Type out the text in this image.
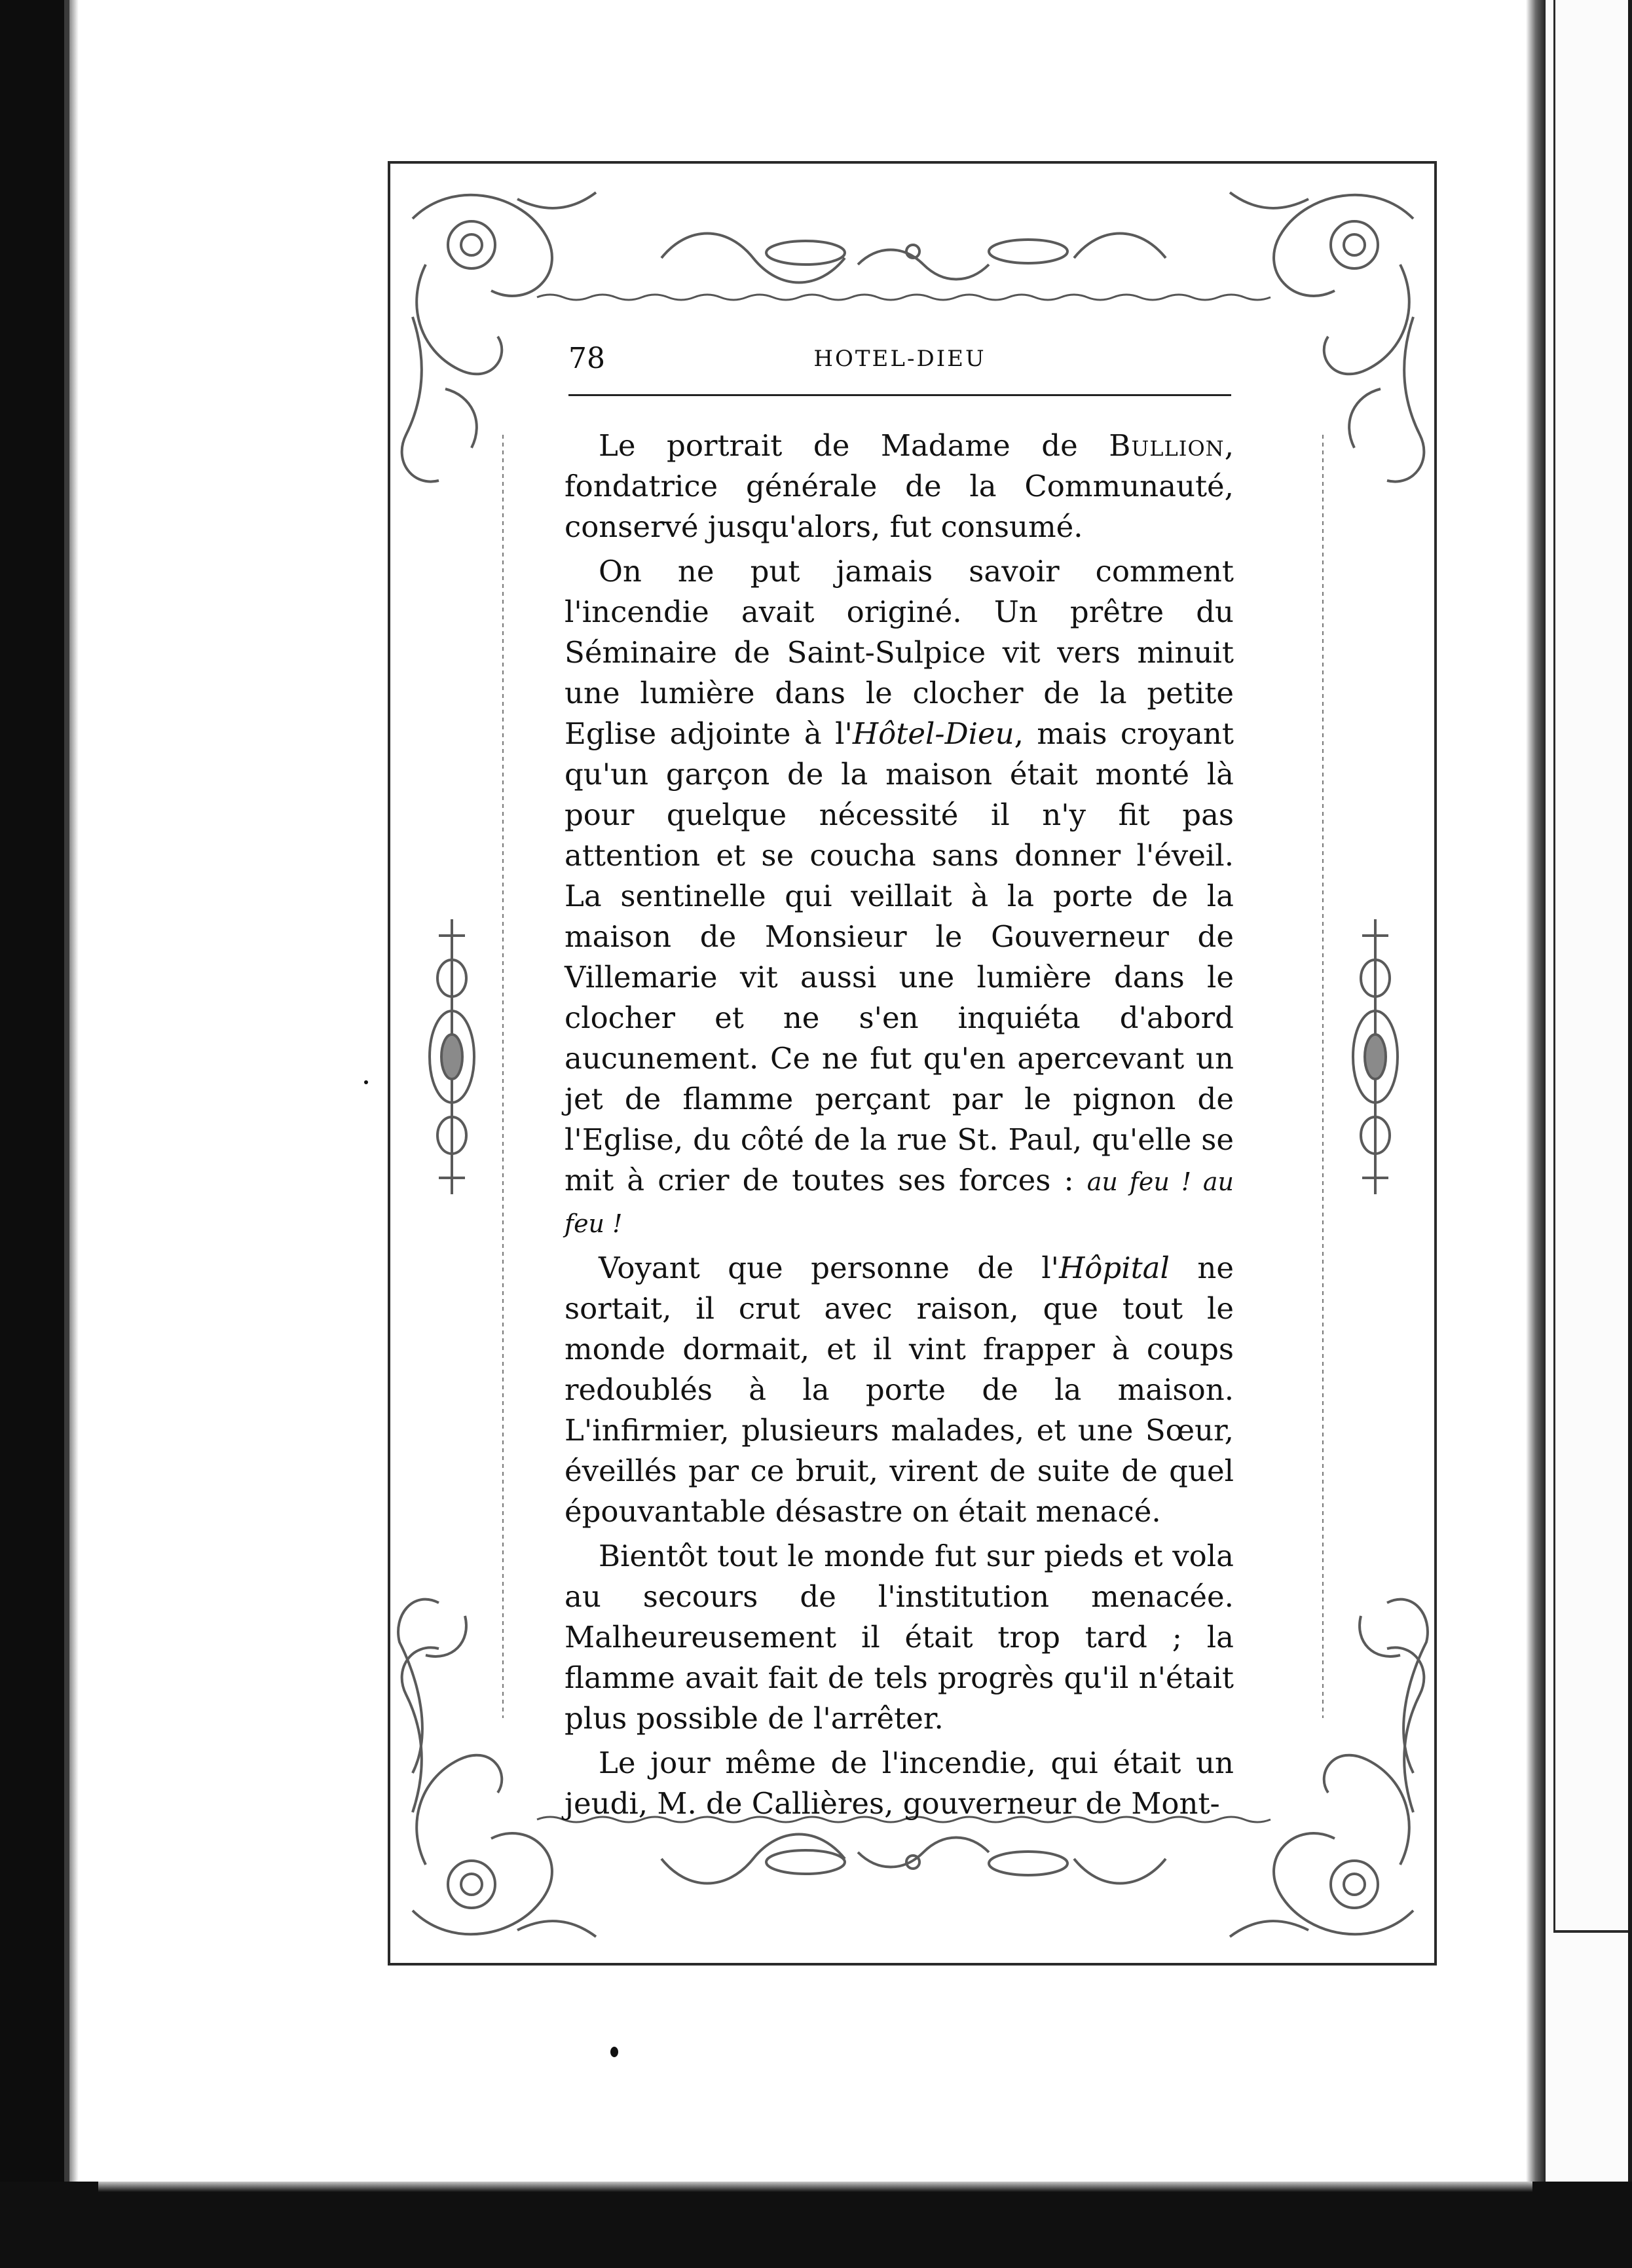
78	HOTEL-DIEU

Le portrait de Madame de Bullion, fondatrice générale de la Communauté, conservé jusqu'alors, fut consumé.

On ne put jamais savoir comment l'incendie avait originé. Un prêtre du Séminaire de Saint-Sulpice vit vers minuit une lumière dans le clocher de la petite Eglise adjointe à l'Hôtel-Dieu, mais croyant qu'un garçon de la maison était monté là pour quelque nécessité il n'y fit pas attention et se coucha sans donner l'éveil. La sentinelle qui veillait à la porte de la maison de Monsieur le Gouverneur de Villemarie vit aussi une lumière dans le clocher et ne s'en inquiéta d'abord aucunement. Ce ne fut qu'en apercevant un jet de flamme perçant par le pignon de l'Eglise, du côté de la rue St. Paul, qu'elle se mit à crier de toutes ses forces : au feu ! au feu !

Voyant que personne de l'Hôpital ne sortait, il crut avec raison, que tout le monde dormait, et il vint frapper à coups redoublés à la porte de la maison. L'infirmier, plusieurs malades, et une Sœur, éveillés par ce bruit, virent de suite de quel épouvantable désastre on était menacé.

Bientôt tout le monde fut sur pieds et vola au secours de l'institution menacée. Malheureusement il était trop tard ; la flamme avait fait de tels progrès qu'il n'était plus possible de l'arrêter.

Le jour même de l'incendie, qui était un jeudi, M. de Callières, gouverneur de Mont-
